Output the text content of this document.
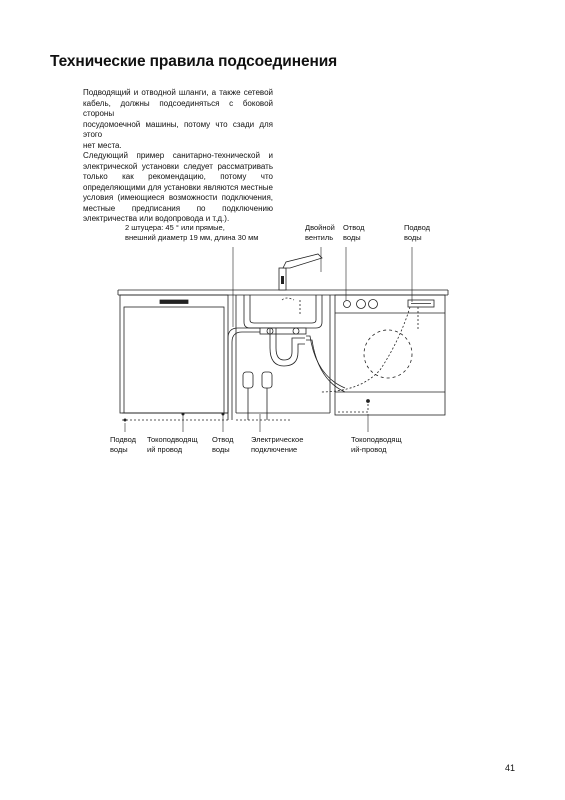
Технические правила подсоединения

Подводящий и отводной шланги, а также сетевой
кабель, должны подсоединяться с боковой стороны
посудомоечной машины, потому что сзади для этого
нет места.

Следующий пример санитарно-технической и
электрической установки следует рассматривать
только как рекомендацию, потому что
определяющими для установки являются местные
условия (имеющиеся возможности подключения,
местные предписания по подключению
электричества или водопровода и т.д.).

2 штуцера: 45 ° или прямые,
внешний диаметр 19 мм, длина 30 мм
Двойной
вентиль
Отвод
воды
Подвод
воды
Подвод
воды
Токоподводящ
ий провод
Отвод
воды
Электрическое
подключение
Токоподводящ
ий-провод
41
